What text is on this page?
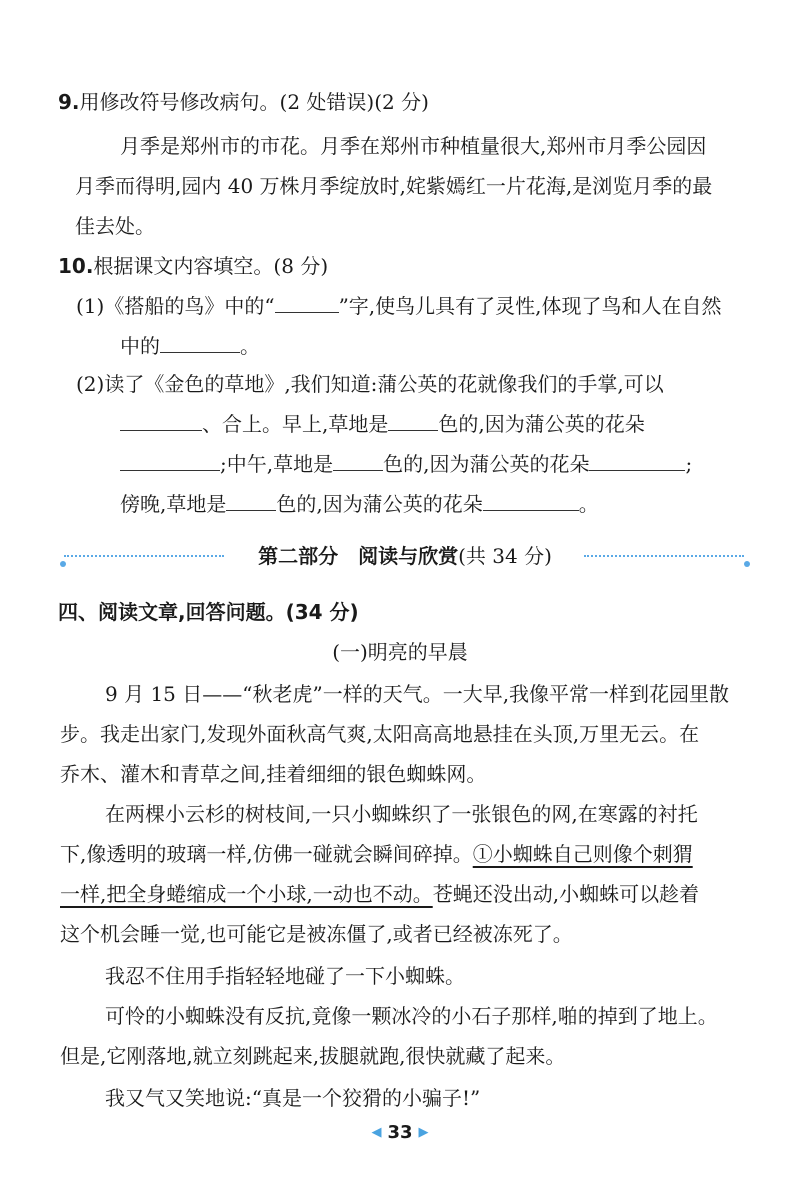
9.用修改符号修改病句。(2 处错误)(2 分)
月季是郑州市的市花。月季在郑州市种植量很大,郑州市月季公园因
月季而得明,园内 40 万株月季绽放时,姹紫嫣红一片花海,是浏览月季的最
佳去处。
10.根据课文内容填空。(8 分)
(1)《搭船的鸟》中的“	”字,使鸟儿具有了灵性,体现了鸟和人在自然
中的	。
(2)读了《金色的草地》,我们知道:蒲公英的花就像我们的手掌,可以
、合上。早上,草地是	色的,因为蒲公英的花朵
;中午,草地是	色的,因为蒲公英的花朵	;
傍晚,草地是	色的,因为蒲公英的花朵	。
第二部分　阅读与欣赏(共 34 分)
四、阅读文章,回答问题。(34 分)
(一)明亮的早晨
9 月 15 日——“秋老虎”一样的天气。一大早,我像平常一样到花园里散
步。我走出家门,发现外面秋高气爽,太阳高高地悬挂在头顶,万里无云。在
乔木、灌木和青草之间,挂着细细的银色蜘蛛网。
在两棵小云杉的树枝间,一只小蜘蛛织了一张银色的网,在寒露的衬托
下,像透明的玻璃一样,仿佛一碰就会瞬间碎掉。①小蜘蛛自己则像个刺猬
一样,把全身蜷缩成一个小球,一动也不动。苍蝇还没出动,小蜘蛛可以趁着
这个机会睡一觉,也可能它是被冻僵了,或者已经被冻死了。
我忍不住用手指轻轻地碰了一下小蜘蛛。
可怜的小蜘蛛没有反抗,竟像一颗冰冷的小石子那样,啪的掉到了地上。
但是,它刚落地,就立刻跳起来,拔腿就跑,很快就藏了起来。
我又气又笑地说:“真是一个狡猾的小骗子!”
◀ 33 ▶
